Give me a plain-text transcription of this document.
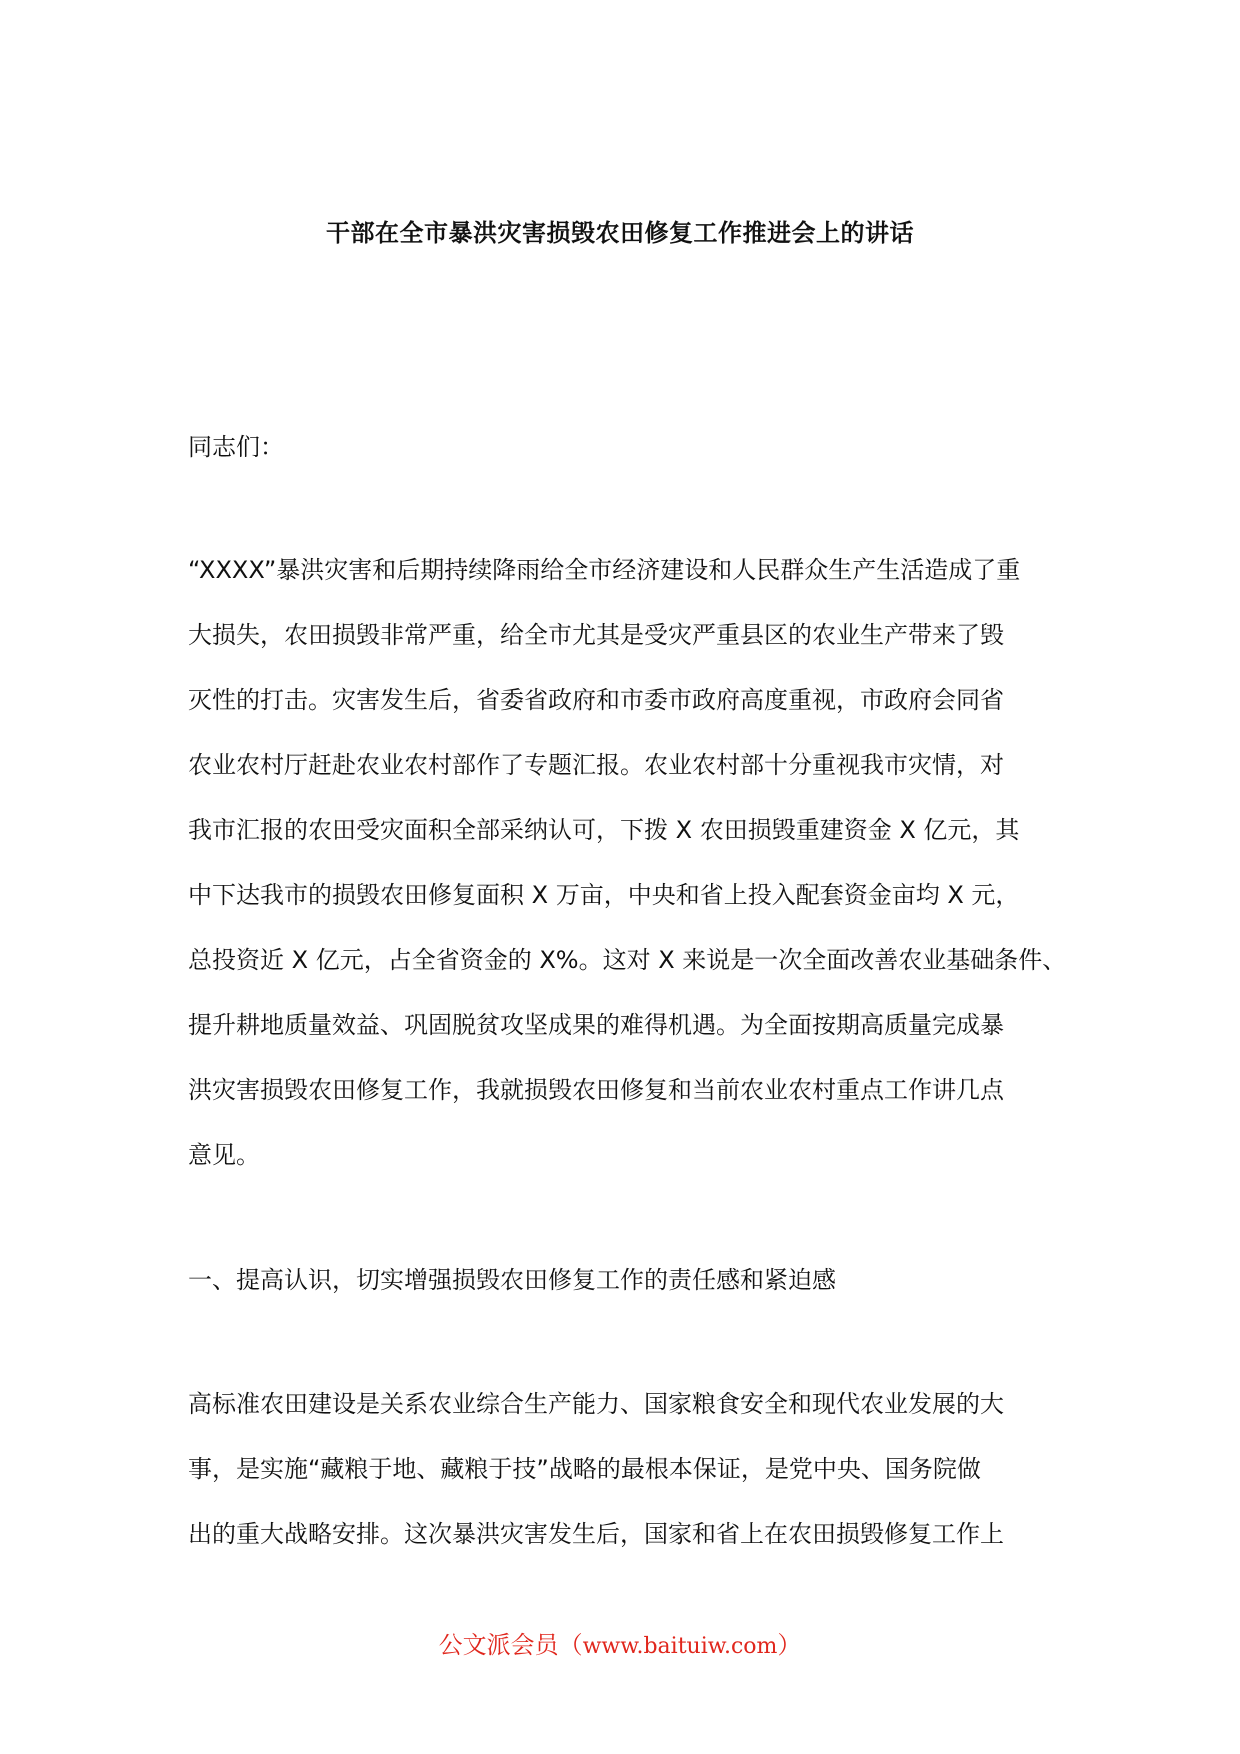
干部在全市暴洪灾害损毁农田修复工作推进会上的讲话
同志们：
“XXXX”暴洪灾害和后期持续降雨给全市经济建设和人民群众生产生活造成了重
大损失，农田损毁非常严重，给全市尤其是受灾严重县区的农业生产带来了毁
灭性的打击。灾害发生后，省委省政府和市委市政府高度重视，市政府会同省
农业农村厅赶赴农业农村部作了专题汇报。农业农村部十分重视我市灾情，对
我市汇报的农田受灾面积全部采纳认可，下拨 X 农田损毁重建资金 X 亿元，其
中下达我市的损毁农田修复面积 X 万亩，中央和省上投入配套资金亩均 X 元，
总投资近 X 亿元，占全省资金的 X%。这对 X 来说是一次全面改善农业基础条件、
提升耕地质量效益、巩固脱贫攻坚成果的难得机遇。为全面按期高质量完成暴
洪灾害损毁农田修复工作，我就损毁农田修复和当前农业农村重点工作讲几点
意见。
一、提高认识，切实增强损毁农田修复工作的责任感和紧迫感
高标准农田建设是关系农业综合生产能力、国家粮食安全和现代农业发展的大
事，是实施“藏粮于地、藏粮于技”战略的最根本保证，是党中央、国务院做
出的重大战略安排。这次暴洪灾害发生后，国家和省上在农田损毁修复工作上
公文派会员（www.baituiw.com）
